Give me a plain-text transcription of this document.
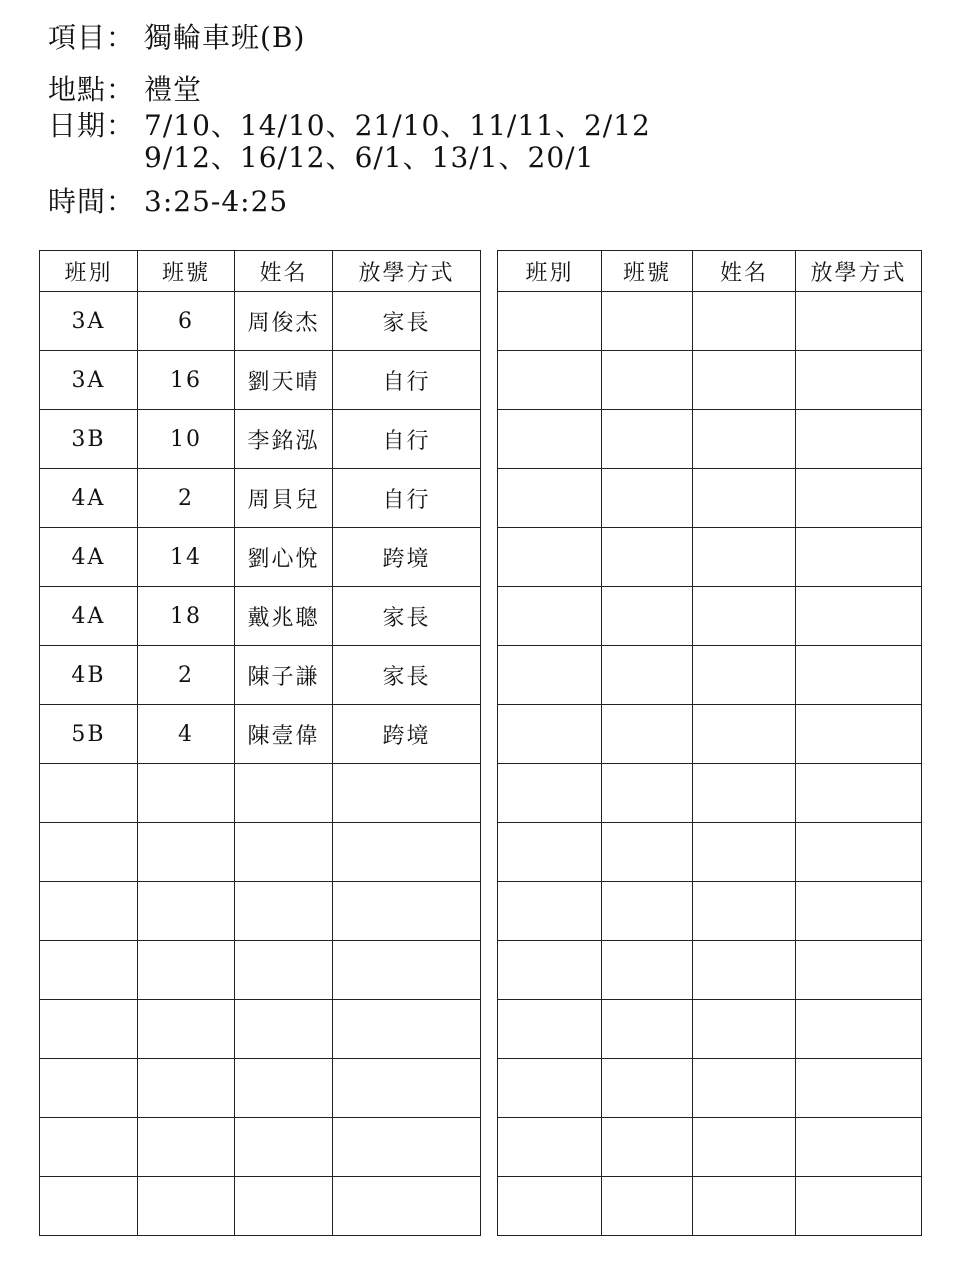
項目： 獨輪車班(B)
地點： 禮堂
日期： 7/10、14/10、21/10、11/11、2/12
9/12、16/12、6/1、13/1、20/1
時間： 3:25-4:25
班別	班號	姓名	放學方式
3A	6	周俊杰	家長
3A	16	劉天晴	自行
3B	10	李銘泓	自行
4A	2	周貝兒	自行
4A	14	劉心悅	跨境
4A	18	戴兆聰	家長
4B	2	陳子謙	家長
5B	4	陳壹偉	跨境

班別	班號	姓名	放學方式
